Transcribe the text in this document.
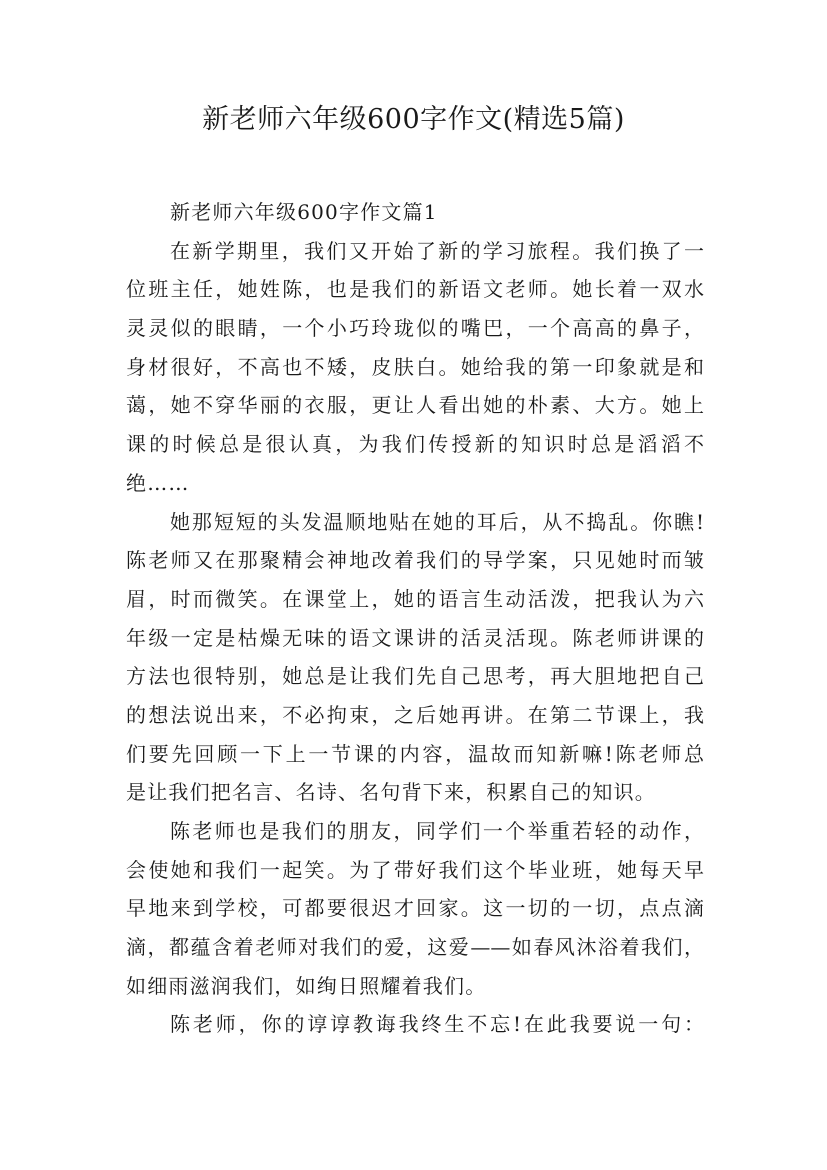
新老师六年级600字作文(精选5篇)
新老师六年级600字作文篇1
在新学期里，我们又开始了新的学习旅程。我们换了一
位班主任，她姓陈，也是我们的新语文老师。她长着一双水
灵灵似的眼睛，一个小巧玲珑似的嘴巴，一个高高的鼻子，
身材很好，不高也不矮，皮肤白。她给我的第一印象就是和
蔼，她不穿华丽的衣服，更让人看出她的朴素、大方。她上
课的时候总是很认真，为我们传授新的知识时总是滔滔不
绝……
她那短短的头发温顺地贴在她的耳后，从不捣乱。你瞧!
陈老师又在那聚精会神地改着我们的导学案，只见她时而皱
眉，时而微笑。在课堂上，她的语言生动活泼，把我认为六
年级一定是枯燥无味的语文课讲的活灵活现。陈老师讲课的
方法也很特别，她总是让我们先自己思考，再大胆地把自己
的想法说出来，不必拘束，之后她再讲。在第二节课上，我
们要先回顾一下上一节课的内容，温故而知新嘛!陈老师总
是让我们把名言、名诗、名句背下来，积累自己的知识。
陈老师也是我们的朋友，同学们一个举重若轻的动作，
会使她和我们一起笑。为了带好我们这个毕业班，她每天早
早地来到学校，可都要很迟才回家。这一切的一切，点点滴
滴，都蕴含着老师对我们的爱，这爱——如春风沐浴着我们，
如细雨滋润我们，如绚日照耀着我们。
陈老师，你的谆谆教诲我终生不忘!在此我要说一句：
